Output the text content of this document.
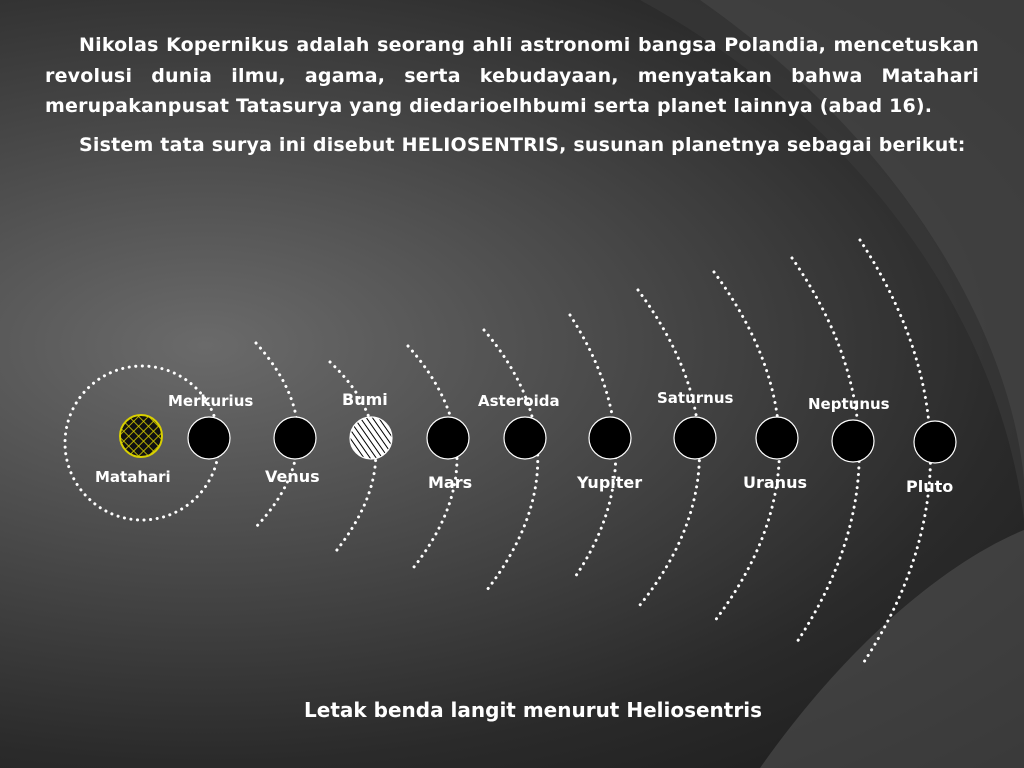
Nikolas Kopernikus adalah seorang ahli astronomi bangsa Polandia, mencetuskan revolusi dunia ilmu, agama, serta kebudayaan, menyatakan bahwa Matahari merupakanpusat Tatasurya yang diedarioelhbumi serta planet lainnya (abad 16).

Sistem tata surya ini disebut HELIOSENTRIS, susunan planetnya sebagai berikut:

Matahari
Merkurius
Venus
Bumi
Mars
Asteroida
Yupiter
Saturnus
Uranus
Neptunus
Pluto
Letak benda langit menurut Heliosentris
